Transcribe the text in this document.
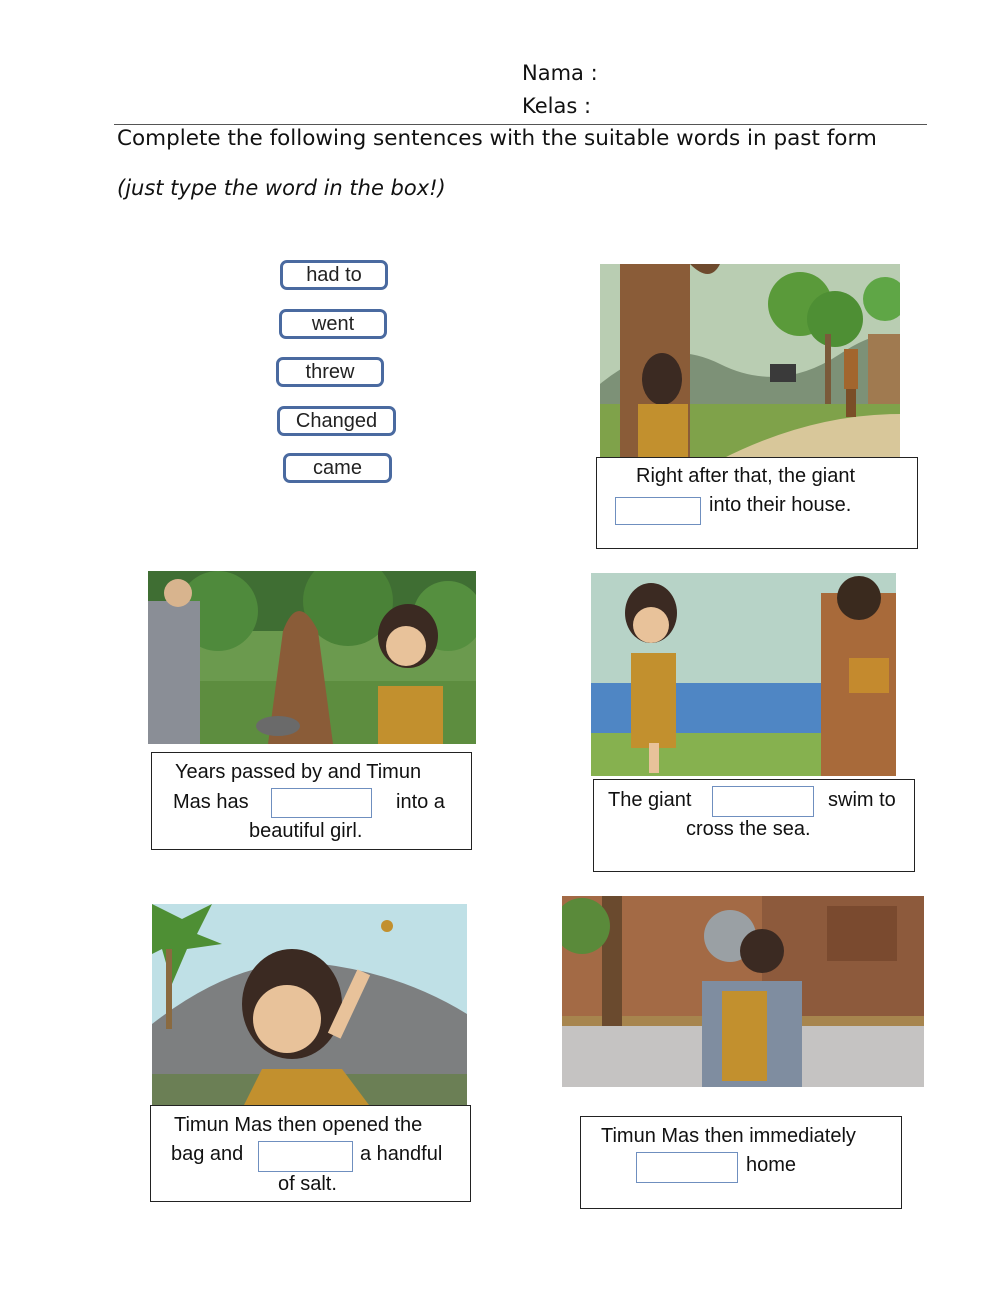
Nama :
Kelas :
Complete the following sentences with the suitable words in past form
(just type the word in the box!)
had to
went
threw
Changed
came	Right after that, the giant
into their house.
Years passed by and Timun
Mas has	into a
beautiful girl.
The giant	swim to
cross the sea.
Timun Mas then opened the
bag and	a handful
of salt.
Timun Mas then immediately
home
